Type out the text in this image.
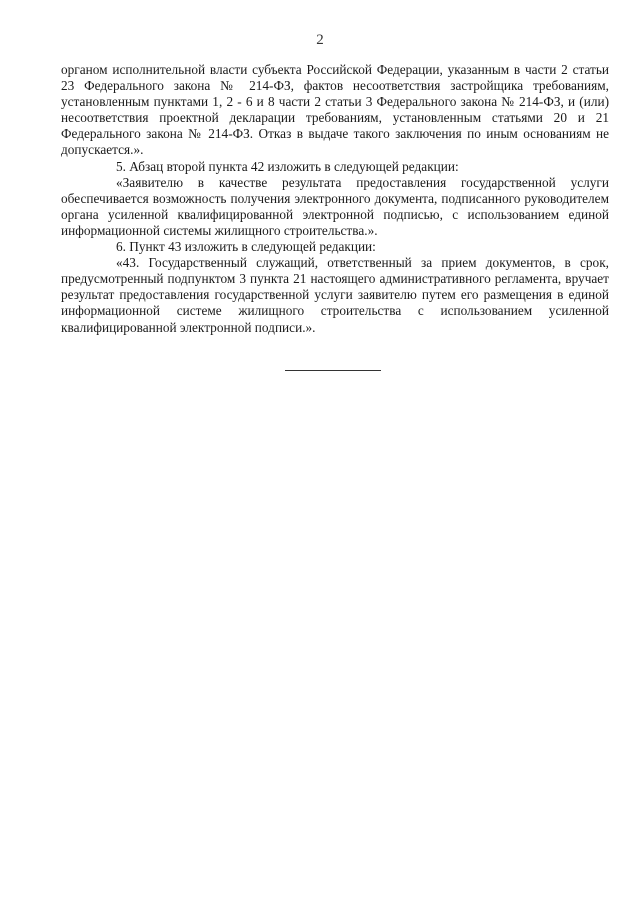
2

органом исполнительной власти субъекта Российской Федерации, указанным в части 2 статьи 23 Федерального закона № 214-ФЗ, фактов несоответствия застройщика требованиям, установленным пунктами 1, 2 - 6 и 8 части 2 статьи 3 Федерального закона № 214-ФЗ, и (или) несоответствия проектной декларации требованиям, установленным статьями 20 и 21 Федерального закона № 214-ФЗ. Отказ в выдаче такого заключения по иным основаниям не допускается.».

5. Абзац второй пункта 42 изложить в следующей редакции:

«Заявителю в качестве результата предоставления государственной услуги обеспечивается возможность получения электронного документа, подписанного руководителем органа усиленной квалифицированной электронной подписью, с использованием единой информационной системы жилищного строительства.».

6. Пункт 43 изложить в следующей редакции:

«43. Государственный служащий, ответственный за прием документов, в срок, предусмотренный подпунктом 3 пункта 21 настоящего административного регламента, вручает результат предоставления государственной услуги заявителю путем его размещения в единой информационной системе жилищного строительства с использованием усиленной квалифицированной электронной подписи.».
